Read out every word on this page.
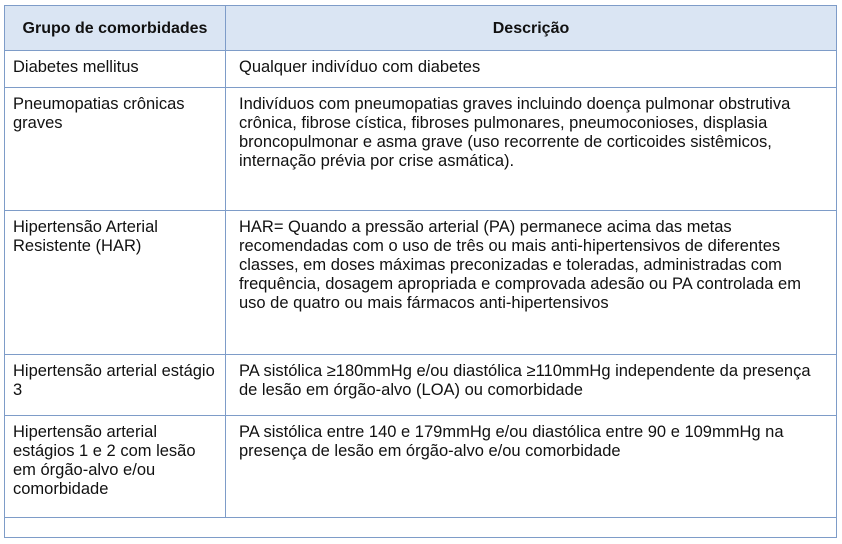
Grupo de comorbidades	Descrição
Diabetes mellitus	Qualquer indivíduo com diabetes
Pneumopatias crônicas graves	Indivíduos com pneumopatias graves incluindo doença pulmonar obstrutiva crônica, fibrose cística, fibroses pulmonares, pneumoconioses, displasia broncopulmonar e asma grave (uso recorrente de corticoides sistêmicos, internação prévia por crise asmática).
Hipertensão Arterial Resistente (HAR)	HAR= Quando a pressão arterial (PA) permanece acima das metas recomendadas com o uso de três ou mais anti-hipertensivos de diferentes classes, em doses máximas preconizadas e toleradas, administradas com frequência, dosagem apropriada e comprovada adesão ou PA controlada em uso de quatro ou mais fármacos anti-hipertensivos
Hipertensão arterial estágio 3	PA sistólica ≥180mmHg e/ou diastólica ≥110mmHg independente da presença de lesão em órgão-alvo (LOA) ou comorbidade
Hipertensão arterial estágios 1 e 2 com lesão em órgão-alvo e/ou comorbidade	PA sistólica entre 140 e 179mmHg e/ou diastólica entre 90 e 109mmHg na presença de lesão em órgão-alvo e/ou comorbidade
